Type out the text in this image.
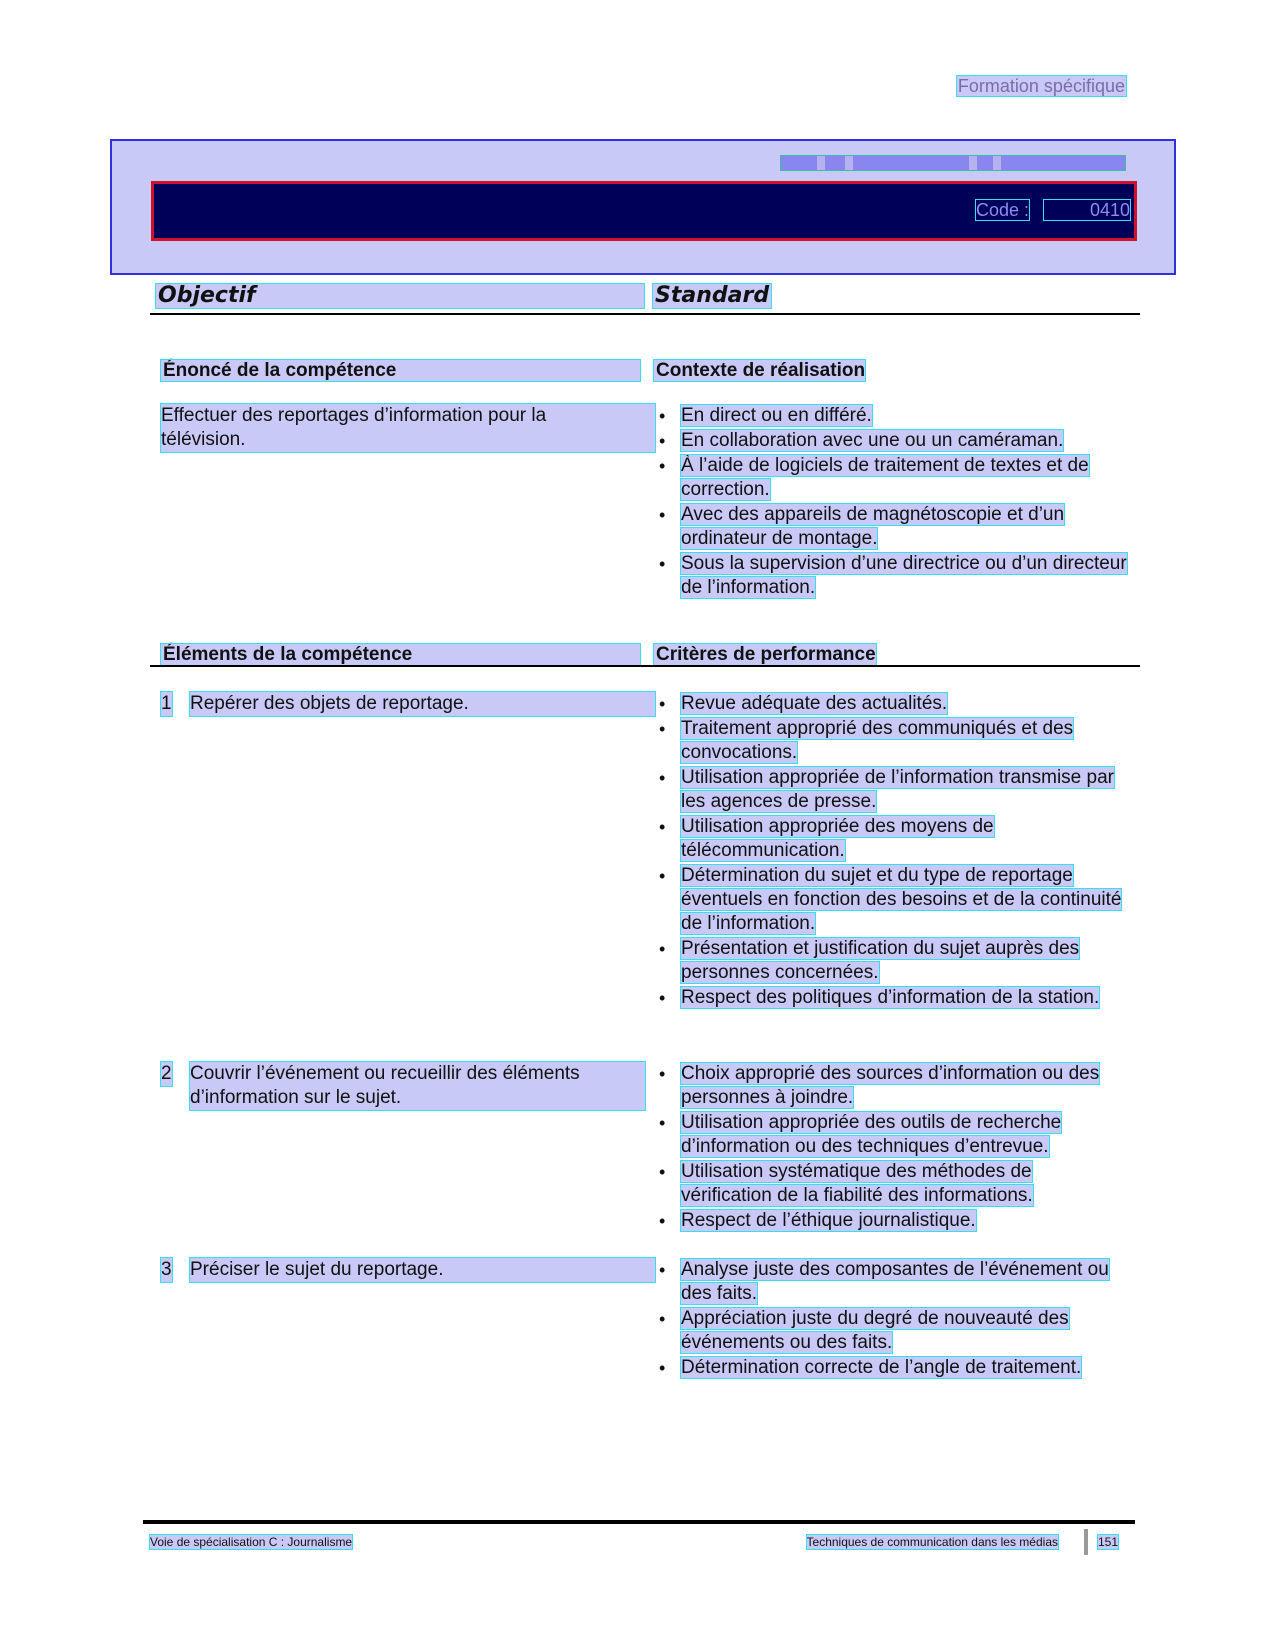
Formation spécifique
Code :	0410
Objectif	Standard
Énoncé de la compétence	Contexte de réalisation
Effectuer des reportages d’information pour la
télévision.
• En direct ou en différé.
• En collaboration avec une ou un caméraman.
• À l’aide de logiciels de traitement de textes et de correction.
• Avec des appareils de magnétoscopie et d’un ordinateur de montage.
• Sous la supervision d’une directrice ou d’un directeur de l’information.
Éléments de la compétence	Critères de performance
1 Repérer des objets de reportage.	• Revue adéquate des actualités.
• Traitement approprié des communiqués et des convocations.
• Utilisation appropriée de l’information transmise par les agences de presse.
• Utilisation appropriée des moyens de télécommunication.
• Détermination du sujet et du type de reportage éventuels en fonction des besoins et de la continuité de l’information.
• Présentation et justification du sujet auprès des personnes concernées.
• Respect des politiques d’information de la station.
2 Couvrir l’événement ou recueillir des éléments d’information sur le sujet.
• Choix approprié des sources d’information ou des personnes à joindre.
• Utilisation appropriée des outils de recherche d’information ou des techniques d’entrevue.
• Utilisation systématique des méthodes de vérification de la fiabilité des informations.
• Respect de l’éthique journalistique.
3 Préciser le sujet du reportage.	• Analyse juste des composantes de l’événement ou des faits.
• Appréciation juste du degré de nouveauté des événements ou des faits.
• Détermination correcte de l’angle de traitement.
Voie de spécialisation C : Journalisme	Techniques de communication dans les médias	151
